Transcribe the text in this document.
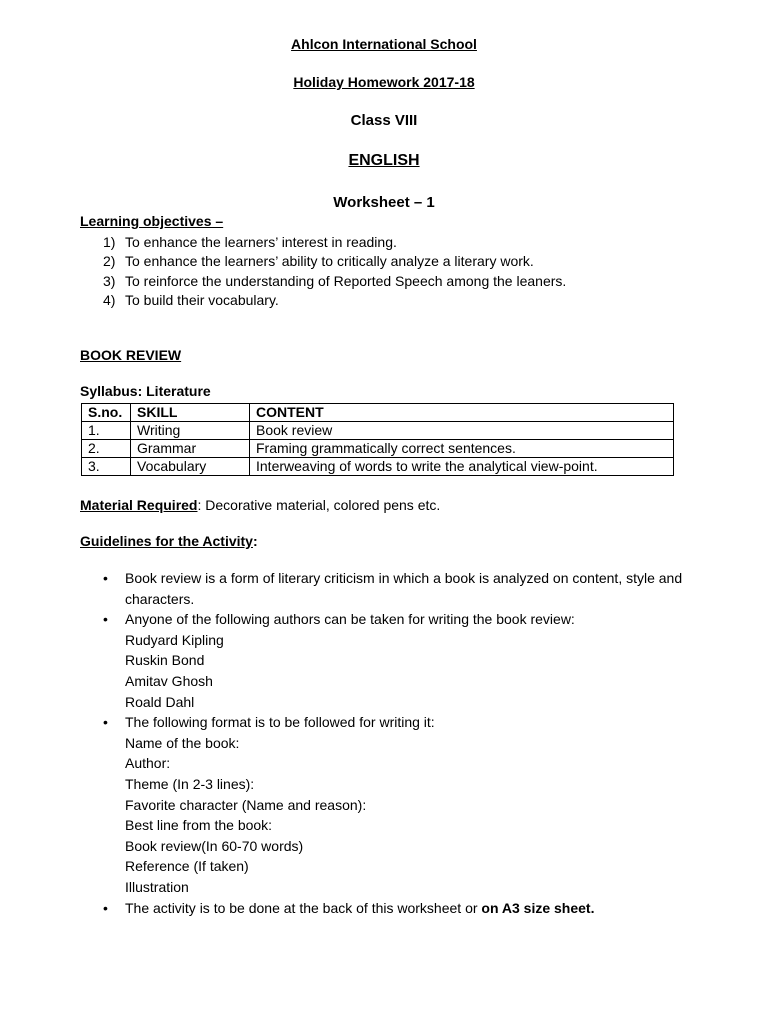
Ahlcon International School
Holiday Homework 2017-18
Class VIII
ENGLISH
Worksheet – 1
Learning objectives –
1) To enhance the learners’ interest in reading.
2) To enhance the learners’ ability to critically analyze a literary work.
3) To reinforce the understanding of Reported Speech among the leaners.
4) To build their vocabulary.
BOOK REVIEW
Syllabus: Literature
S.no.	SKILL	CONTENT
1.	Writing	Book review
2.	Grammar	Framing grammatically correct sentences.
3.	Vocabulary	Interweaving of words to write the analytical view-point.
Material Required: Decorative material, colored pens etc.
Guidelines for the Activity:
• Book review is a form of literary criticism in which a book is analyzed on content, style and characters.
• Anyone of the following authors can be taken for writing the book review:
Rudyard Kipling
Ruskin Bond
Amitav Ghosh
Roald Dahl
• The following format is to be followed for writing it:
Name of the book:
Author:
Theme (In 2-3 lines):
Favorite character (Name and reason):
Best line from the book:
Book review(In 60-70 words)
Reference (If taken)
Illustration
• The activity is to be done at the back of this worksheet or on A3 size sheet.
